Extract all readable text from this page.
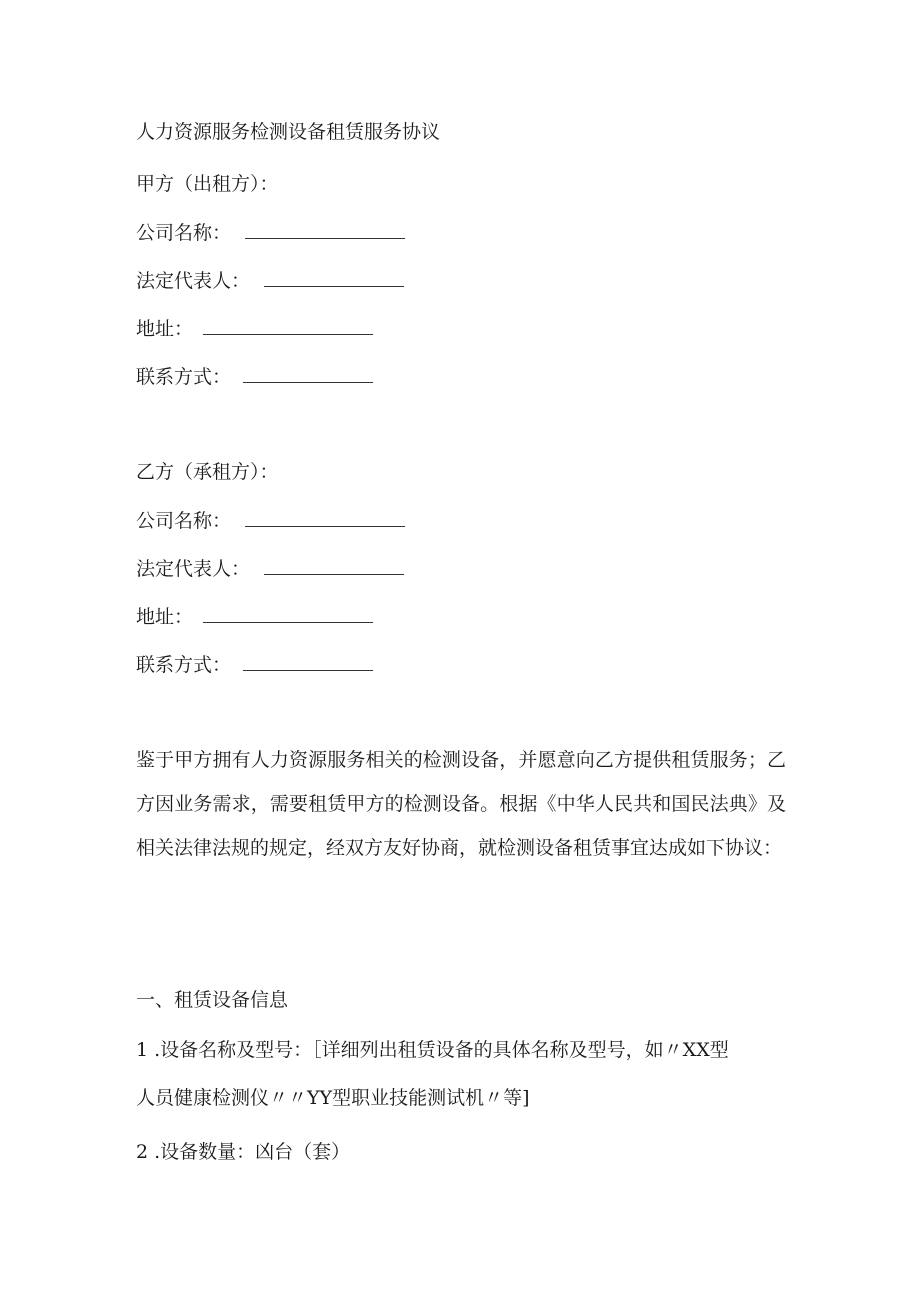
人力资源服务检测设备租赁服务协议
甲方（出租方）：
公司名称：
法定代表人：
地址：
联系方式：
乙方（承租方）：
公司名称：
法定代表人：
地址：
联系方式：
鉴于甲方拥有人力资源服务相关的检测设备，并愿意向乙方提供租赁服务；乙方因业务需求，需要租赁甲方的检测设备。根据《中华人民共和国民法典》及相关法律法规的规定，经双方友好协商，就检测设备租赁事宜达成如下协议：
一、租赁设备信息
1 .设备名称及型号：［详细列出租赁设备的具体名称及型号，如〃XX型
人员健康检测仪〃〃YY型职业技能测试机〃等]
2 .设备数量：凶台（套）
